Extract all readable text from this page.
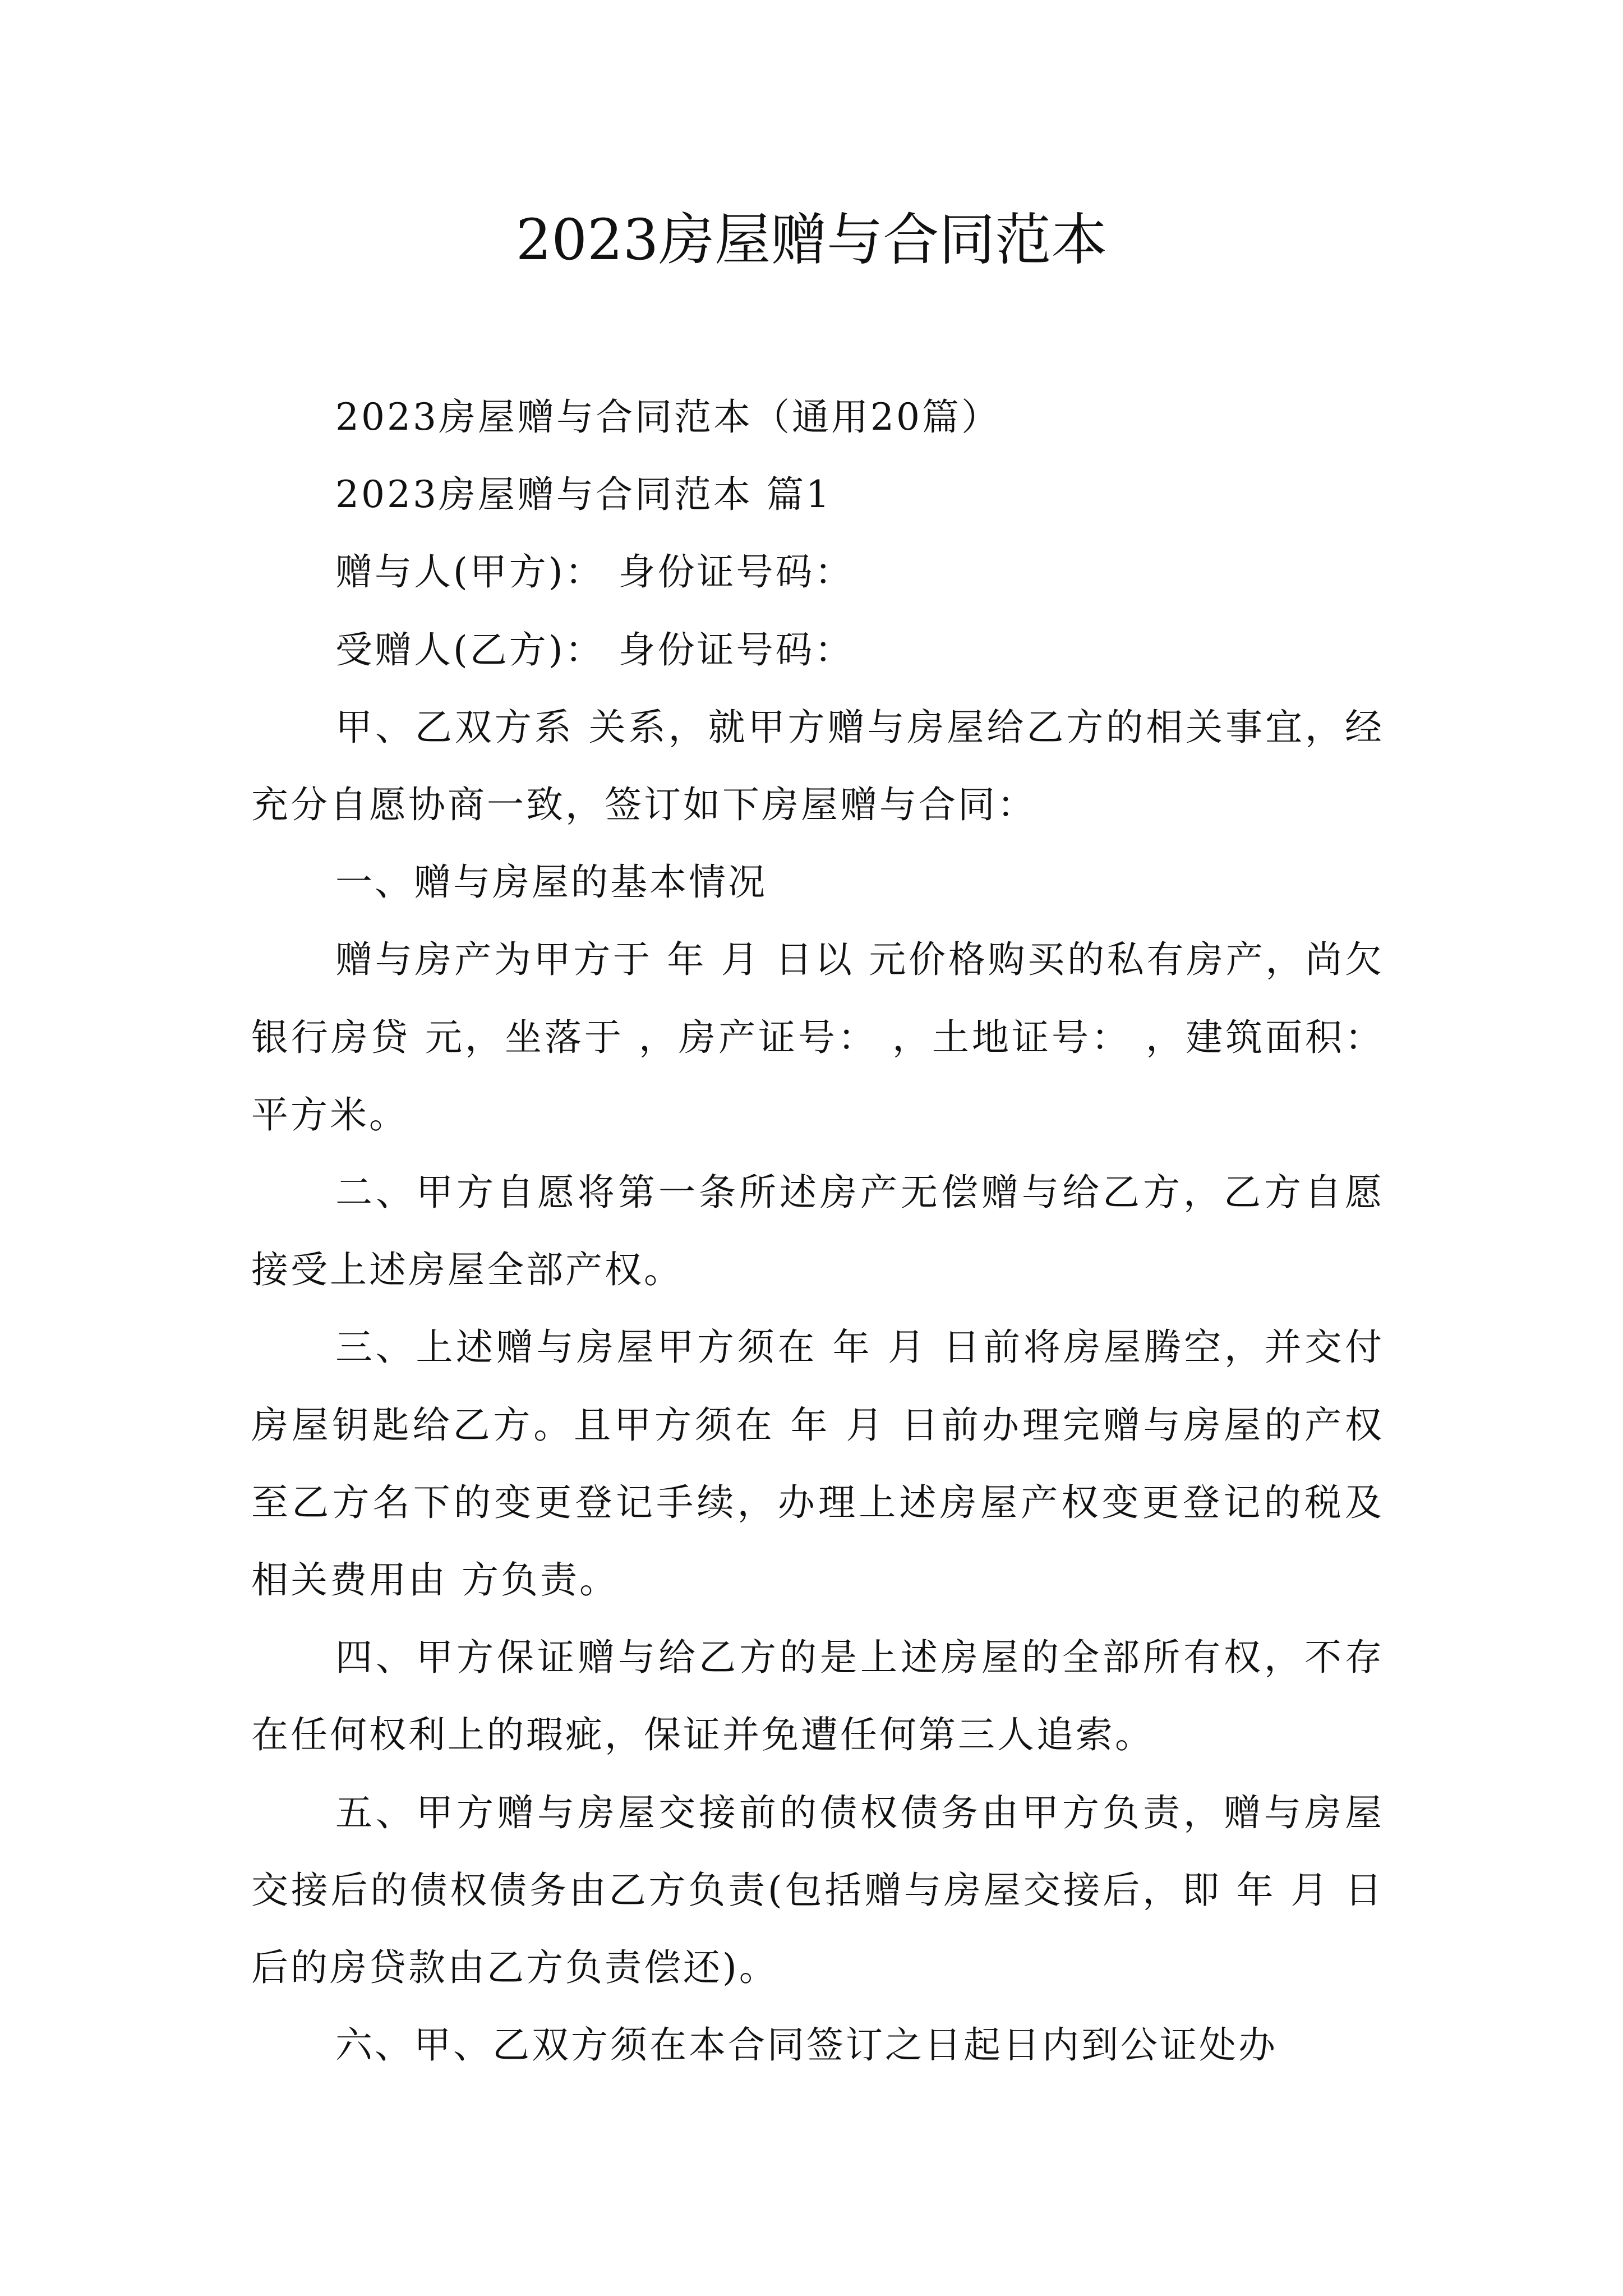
2023房屋赠与合同范本

2023房屋赠与合同范本（通用20篇）

2023房屋赠与合同范本 篇1

赠与人(甲方)： 身份证号码：

受赠人(乙方)： 身份证号码：

甲、乙双方系 关系，就甲方赠与房屋给乙方的相关事宜，经充分自愿协商一致，签订如下房屋赠与合同：

一、赠与房屋的基本情况

赠与房产为甲方于 年 月 日以 元价格购买的私有房产，尚欠 银行房贷 元，坐落于 ，房产证号： ，土地证号： ，建筑面积： 平方米。

二、甲方自愿将第一条所述房产无偿赠与给乙方，乙方自愿接受上述房屋全部产权。

三、上述赠与房屋甲方须在 年 月 日前将房屋腾空，并交付房屋钥匙给乙方。且甲方须在 年 月 日前办理完赠与房屋的产权至乙方名下的变更登记手续，办理上述房屋产权变更登记的税及相关费用由 方负责。

四、甲方保证赠与给乙方的是上述房屋的全部所有权，不存在任何权利上的瑕疵，保证并免遭任何第三人追索。

五、甲方赠与房屋交接前的债权债务由甲方负责，赠与房屋交接后的债权债务由乙方负责(包括赠与房屋交接后，即 年 月 日后的房贷款由乙方负责偿还)。

六、甲、乙双方须在本合同签订之日起日内到公证处办
